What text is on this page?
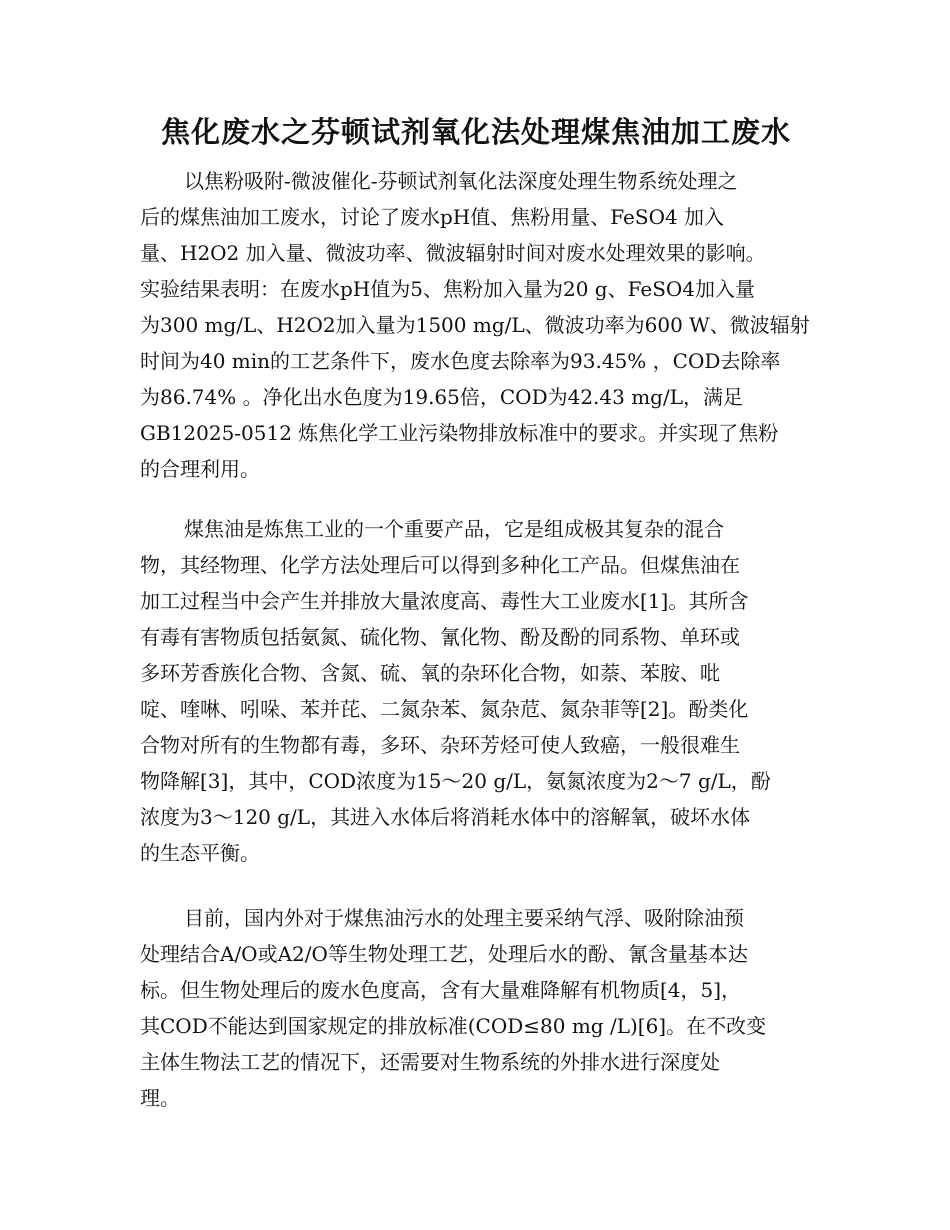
焦化废水之芬顿试剂氧化法处理煤焦油加工废水
以焦粉吸附-微波催化-芬顿试剂氧化法深度处理生物系统处理之
后的煤焦油加工废水，讨论了废水pH值、焦粉用量、FeSO4 加入
量、H2O2 加入量、微波功率、微波辐射时间对废水处理效果的影响。
实验结果表明：在废水pH值为5、焦粉加入量为20 g、FeSO4加入量
为300 mg/L、H2O2加入量为1500 mg/L、微波功率为600 W、微波辐射
时间为40 min的工艺条件下，废水色度去除率为93.45% ，COD去除率
为86.74% 。净化出水色度为19.65倍，COD为42.43 mg/L，满足
GB12025-0512 炼焦化学工业污染物排放标准中的要求。并实现了焦粉
的合理利用。
煤焦油是炼焦工业的一个重要产品，它是组成极其复杂的混合
物，其经物理、化学方法处理后可以得到多种化工产品。但煤焦油在
加工过程当中会产生并排放大量浓度高、毒性大工业废水[1]。其所含
有毒有害物质包括氨氮、硫化物、氰化物、酚及酚的同系物、单环或
多环芳香族化合物、含氮、硫、氧的杂环化合物，如萘、苯胺、吡
啶、喹啉、吲哚、苯并芘、二氮杂苯、氮杂苊、氮杂菲等[2]。酚类化
合物对所有的生物都有毒，多环、杂环芳烃可使人致癌，一般很难生
物降解[3]，其中，COD浓度为15～20 g/L，氨氮浓度为2～7 g/L，酚
浓度为3～120 g/L，其进入水体后将消耗水体中的溶解氧，破坏水体
的生态平衡。
目前，国内外对于煤焦油污水的处理主要采纳气浮、吸附除油预
处理结合A/O或A2/O等生物处理工艺，处理后水的酚、氰含量基本达
标。但生物处理后的废水色度高，含有大量难降解有机物质[4，5]，
其COD不能达到国家规定的排放标准(COD≤80 mg /L)[6]。在不改变
主体生物法工艺的情况下，还需要对生物系统的外排水进行深度处
理。
